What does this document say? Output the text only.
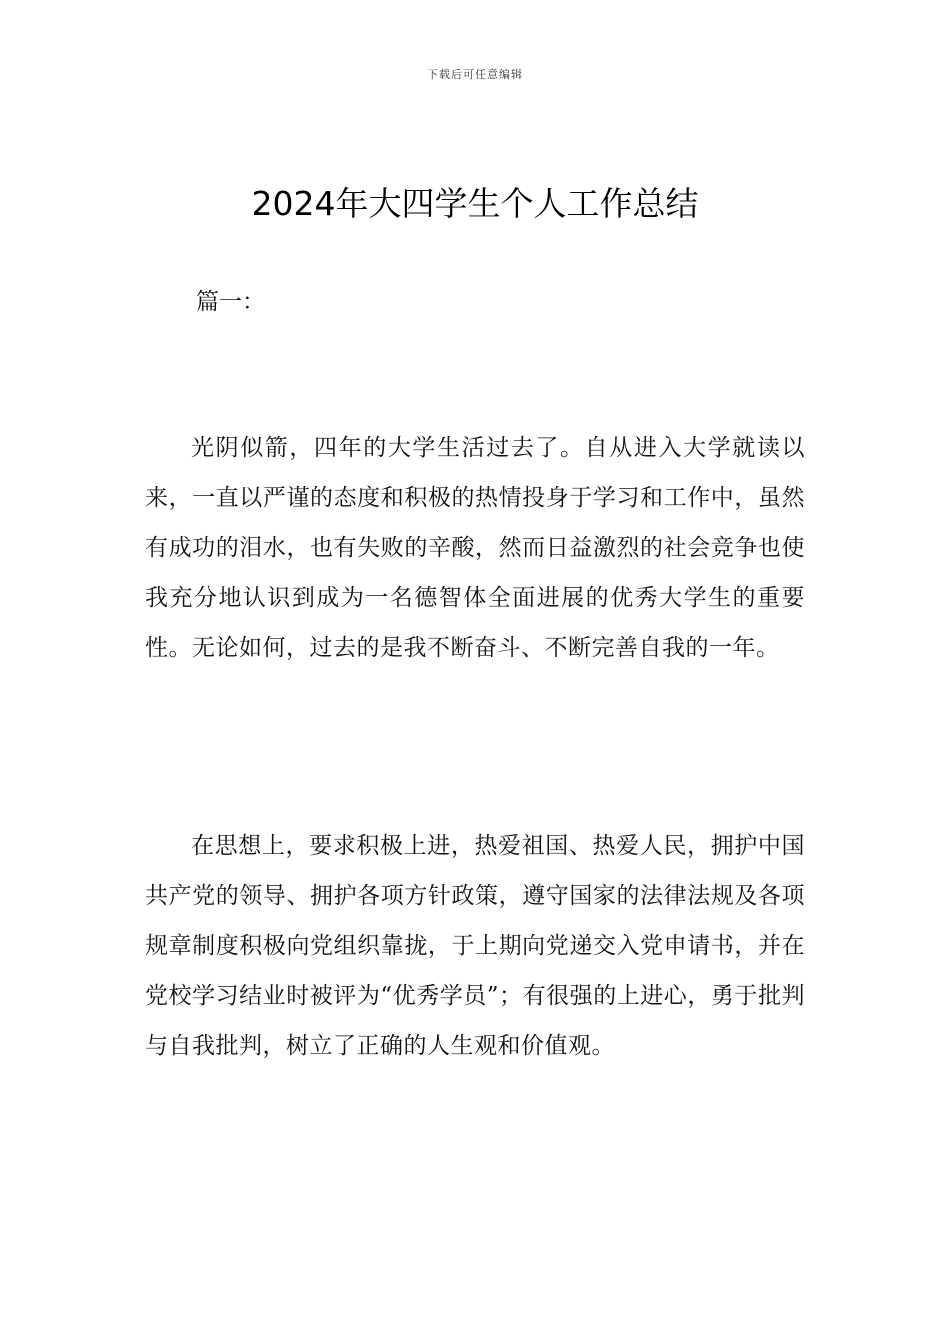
下载后可任意编辑
2024年大四学生个人工作总结

篇一：

光阴似箭，四年的大学生活过去了。自从进入大学就读以来，一直以严谨的态度和积极的热情投身于学习和工作中，虽然有成功的泪水，也有失败的辛酸，然而日益激烈的社会竞争也使我充分地认识到成为一名德智体全面进展的优秀大学生的重要性。无论如何，过去的是我不断奋斗、不断完善自我的一年。

在思想上，要求积极上进，热爱祖国、热爱人民，拥护中国共产党的领导、拥护各项方针政策，遵守国家的法律法规及各项规章制度积极向党组织靠拢，于上期向党递交入党申请书，并在党校学习结业时被评为“优秀学员”；有很强的上进心，勇于批判与自我批判，树立了正确的人生观和价值观。
